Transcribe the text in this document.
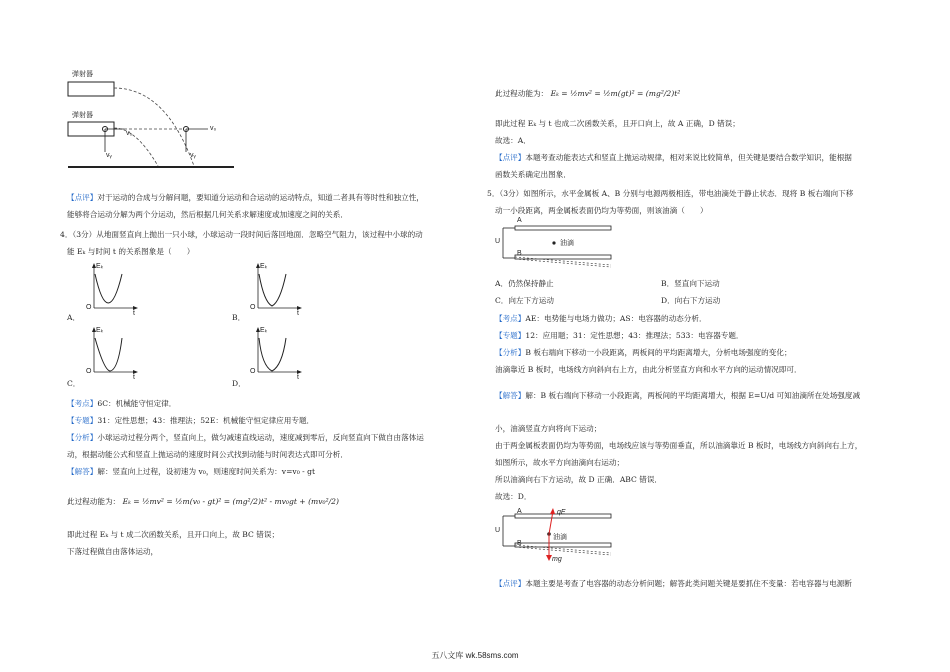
弹射器
弹射器
v₀
v₀
vᵧ	vᵧ
【点评】对于运动的合成与分解问题，要知道分运动和合运动的运动特点，知道二者具有等时性和独立性，
能够将合运动分解为两个分运动，然后根据几何关系求解速度或加速度之间的关系．
4．（3分）从地面竖直向上抛出一只小球，小球运动一段时间后落回地面．忽略空气阻力，该过程中小球的动
能 Eₖ 与时间 t 的关系图象是（　　）
Eₖ	Eₖ
Eₖ	Eₖ
O	O
O	O
t	t
t	t
A．	B．
C．	D．
【考点】6C：机械能守恒定律．
【专题】31：定性思想；43：推理法；52E：机械能守恒定律应用专题．
【分析】小球运动过程分两个，竖直向上，做匀减速直线运动，速度减到零后，反向竖直向下做自由落体运
动，根据动能公式和竖直上抛运动的速度时间公式找到动能与时间表达式即可分析．
【解答】解：竖直向上过程，设初速为 v₀，则速度时间关系为：v=v₀ - gt
此过程动能为： Eₖ = ½mv² = ½m(v₀ - gt)² = (mg²/2)t² - mv₀gt + (mv₀²/2)
即此过程 Eₖ 与 t 成二次函数关系，且开口向上，故 BC 错误；
下落过程做自由落体运动，
此过程动能为： Eₖ = ½mv² = ½m(gt)² = (mg²/2)t²
即此过程 Eₖ 与 t 也成二次函数关系，且开口向上，故 A 正确，D 错误；
故选：A．
【点评】本题考查动能表达式和竖直上抛运动规律，相对来说比较简单，但关键是要结合数学知识，能根据
函数关系确定出图象．
5．（3分）如图所示，水平金属板 A、B 分别与电源两极相连，带电油滴处于静止状态．现将 B 板右端向下移
动一小段距离，两金属板表面仍均为等势面，则该油滴（　　）
A
B
U	油滴
A．仍然保持静止	B．竖直向下运动
C．向左下方运动	D．向右下方运动
【考点】AE：电势能与电场力做功；AS：电容器的动态分析．
【专题】12：应用题；31：定性思想；43：推理法；533：电容器专题．
【分析】B 板右端向下移动一小段距离，两板间的平均距离增大，分析电场强度的变化；
油滴靠近 B 板时，电场线方向斜向右上方，由此分析竖直方向和水平方向的运动情况即可．
【解答】解：B 板右端向下移动一小段距离，两板间的平均距离增大，根据 E=U/d 可知油滴所在处场强度减
小，油滴竖直方向将向下运动；
由于两金属板表面仍均为等势面，电场线应该与等势面垂直，所以油滴靠近 B 板时，电场线方向斜向右上方，
如图所示，故水平方向油滴向右运动；
所以油滴向右下方运动，故 D 正确．ABC 错误．
故选：D．
A
B
U
油滴
qE
mg
【点评】本题主要是考查了电容器的动态分析问题；解答此类问题关键是要抓住不变量：若电容器与电源断
五八文库 wk.58sms.com
